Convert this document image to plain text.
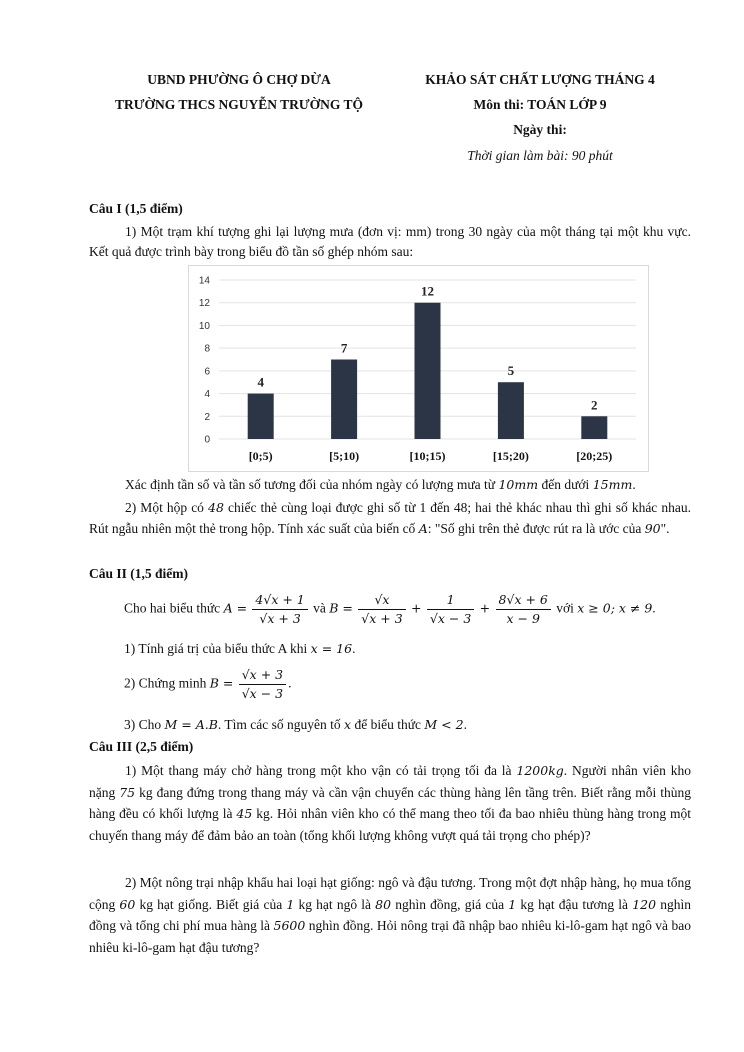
UBND PHƯỜNG Ô CHỢ DỪA
TRƯỜNG THCS NGUYỄN TRƯỜNG TỘ
KHẢO SÁT CHẤT LƯỢNG THÁNG 4
Môn thi: TOÁN LỚP 9
Ngày thi:
Thời gian làm bài: 90 phút
Câu I (1,5 điểm)
1) Một trạm khí tượng ghi lại lượng mưa (đơn vị: mm) trong 30 ngày của một tháng tại một khu vực. Kết quả được trình bày trong biểu đồ tần số ghép nhóm sau:
0
2
4
6
8
10
12
14
4
[0;5)
7
[5;10)
12
[10;15)
5
[15;20)
2
[20;25)
Xác định tần số và tần số tương đối của nhóm ngày có lượng mưa từ 10mm đến dưới 15mm.
2) Một hộp có 48 chiếc thẻ cùng loại được ghi số từ 1 đến 48; hai thẻ khác nhau thì ghi số khác nhau. Rút ngẫu nhiên một thẻ trong hộp. Tính xác suất của biến cố A: "Số ghi trên thẻ được rút ra là ước của 90".
Câu II (1,5 điểm)
Cho hai biểu thức $A = \frac{4√x + 1}{√x + 3}$ và $B = \frac{√x}{√x + 3} + \frac{1}{√x - 3} + \frac{8√x + 6}{x - 9}$ với x ≥ 0; x ≠ 9.
1) Tính giá trị của biểu thức A khi x = 16.
2) Chứng minh $B = \frac{√x + 3}{√x - 3}$ .
3) Cho M = A.B. Tìm các số nguyên tố x để biểu thức M < 2.
Câu III (2,5 điểm)
1) Một thang máy chở hàng trong một kho vận có tải trọng tối đa là 1200kg. Người nhân viên kho nặng 75 kg đang đứng trong thang máy và cần vận chuyển các thùng hàng lên tầng trên. Biết rằng mỗi thùng hàng đều có khối lượng là 45 kg. Hỏi nhân viên kho có thể mang theo tối đa bao nhiêu thùng hàng trong một chuyến thang máy để đảm bảo an toàn (tổng khối lượng không vượt quá tải trọng cho phép)?
2) Một nông trại nhập khẩu hai loại hạt giống: ngô và đậu tương. Trong một đợt nhập hàng, họ mua tổng cộng 60 kg hạt giống. Biết giá của 1 kg hạt ngô là 80 nghìn đồng, giá của 1 kg hạt đậu tương là 120 nghìn đồng và tổng chi phí mua hàng là 5600 nghìn đồng. Hỏi nông trại đã nhập bao nhiêu ki-lô-gam hạt ngô và bao nhiêu ki-lô-gam hạt đậu tương?
